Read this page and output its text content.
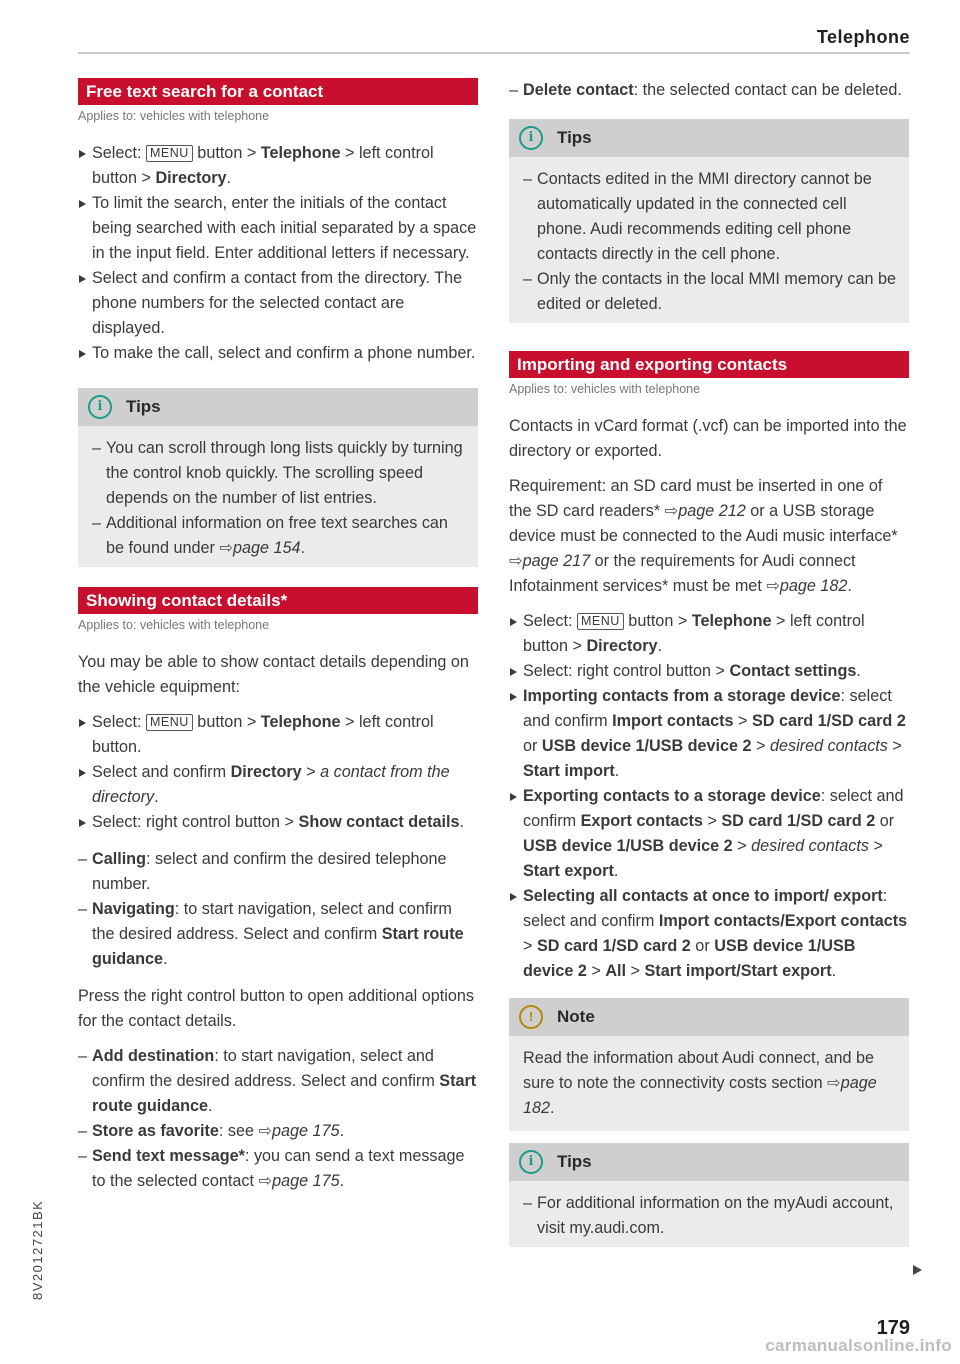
Telephone
Free text search for a contact
Applies to: vehicles with telephone
Select: MENU button > Telephone > left control button > Directory.
To limit the search, enter the initials of the contact being searched with each initial separated by a space in the input field. Enter additional letters if necessary.
Select and confirm a contact from the directory. The phone numbers for the selected contact are displayed.
To make the call, select and confirm a phone number.
i	Tips
– You can scroll through long lists quickly by turning the control knob quickly. The scrolling speed depends on the number of list entries.
– Additional information on free text searches can be found under ⇨page 154.
Showing contact details*
Applies to: vehicles with telephone

You may be able to show contact details depending on the vehicle equipment:

Select: MENU button > Telephone > left control button.
Select and confirm Directory > a contact from the directory.
Select: right control button > Show contact details.
– Calling: select and confirm the desired telephone number.
– Navigating: to start navigation, select and confirm the desired address. Select and confirm Start route guidance.

Press the right control button to open additional options for the contact details.

– Add destination: to start navigation, select and confirm the desired address. Select and confirm Start route guidance.
– Store as favorite: see ⇨page 175.
– Send text message*: you can send a text message to the selected contact ⇨page 175.
– Delete contact: the selected contact can be deleted.
i	Tips
– Contacts edited in the MMI directory cannot be automatically updated in the connected cell phone. Audi recommends editing cell phone contacts directly in the cell phone.
– Only the contacts in the local MMI memory can be edited or deleted.
Importing and exporting contacts
Applies to: vehicles with telephone

Contacts in vCard format (.vcf) can be imported into the directory or exported.

Requirement: an SD card must be inserted in one of the SD card readers* ⇨page 212 or a USB storage device must be connected to the Audi music interface* ⇨page 217 or the requirements for Audi connect Infotainment services* must be met ⇨page 182.

Select: MENU button > Telephone > left control button > Directory.
Select: right control button > Contact settings.
Importing contacts from a storage device: select and confirm Import contacts > SD card 1/SD card 2 or USB device 1/USB device 2 > desired contacts > Start import.
Exporting contacts to a storage device: select and confirm Export contacts > SD card 1/SD card 2 or USB device 1/USB device 2 > desired contacts > Start export.
Selecting all contacts at once to import/ export: select and confirm Import contacts/Export contacts > SD card 1/SD card 2 or USB device 1/USB device 2 > All > Start import/Start export.
!	Note

Read the information about Audi connect, and be sure to note the connectivity costs section ⇨page 182.

i	Tips
– For additional information on the myAudi account, visit my.audi.com.
8V2012721BK
179
carmanualsonline.info
